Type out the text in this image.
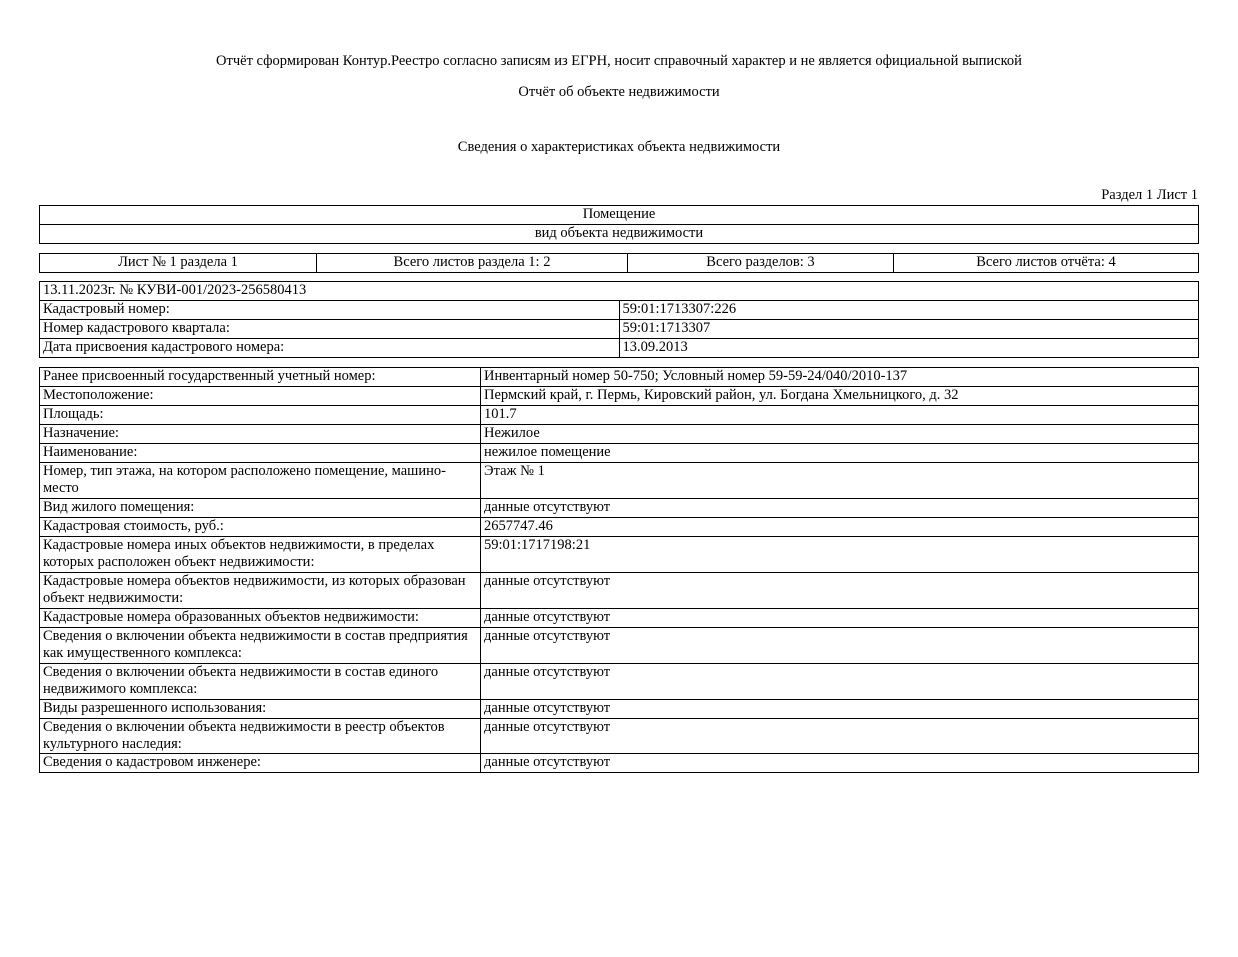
Отчёт сформирован Контур.Реестро согласно записям из ЕГРН, носит справочный характер и не является официальной выпиской
Отчёт об объекте недвижимости
Сведения о характеристиках объекта недвижимости
Раздел 1 Лист 1
Помещение
вид объекта недвижимости
Лист № 1 раздела 1	Всего листов раздела 1: 2	Всего разделов: 3	Всего листов отчёта: 4
13.11.2023г. № КУВИ-001/2023-256580413	
Кадастровый номер:	59:01:1713307:226
Номер кадастрового квартала:	59:01:1713307
Дата присвоения кадастрового номера:	13.09.2013
Ранее присвоенный государственный учетный номер:	Инвентарный номер 50-750; Условный номер 59-59-24/040/2010-137
Местоположение:	Пермский край, г. Пермь, Кировский район, ул. Богдана Хмельницкого, д. 32
Площадь:	101.7
Назначение:	Нежилое
Наименование:	нежилое помещение
Номер, тип этажа, на котором расположено помещение, машино-место	Этаж № 1
Вид жилого помещения:	данные отсутствуют
Кадастровая стоимость, руб.:	2657747.46
Кадастровые номера иных объектов недвижимости, в пределах которых расположен объект недвижимости:	59:01:1717198:21
Кадастровые номера объектов недвижимости, из которых образован объект недвижимости:	данные отсутствуют
Кадастровые номера образованных объектов недвижимости:	данные отсутствуют
Сведения о включении объекта недвижимости в состав предприятия как имущественного комплекса:	данные отсутствуют
Сведения о включении объекта недвижимости в состав единого недвижимого комплекса:	данные отсутствуют
Виды разрешенного использования:	данные отсутствуют
Сведения о включении объекта недвижимости в реестр объектов культурного наследия:	данные отсутствуют
Сведения о кадастровом инженере:	данные отсутствуют
